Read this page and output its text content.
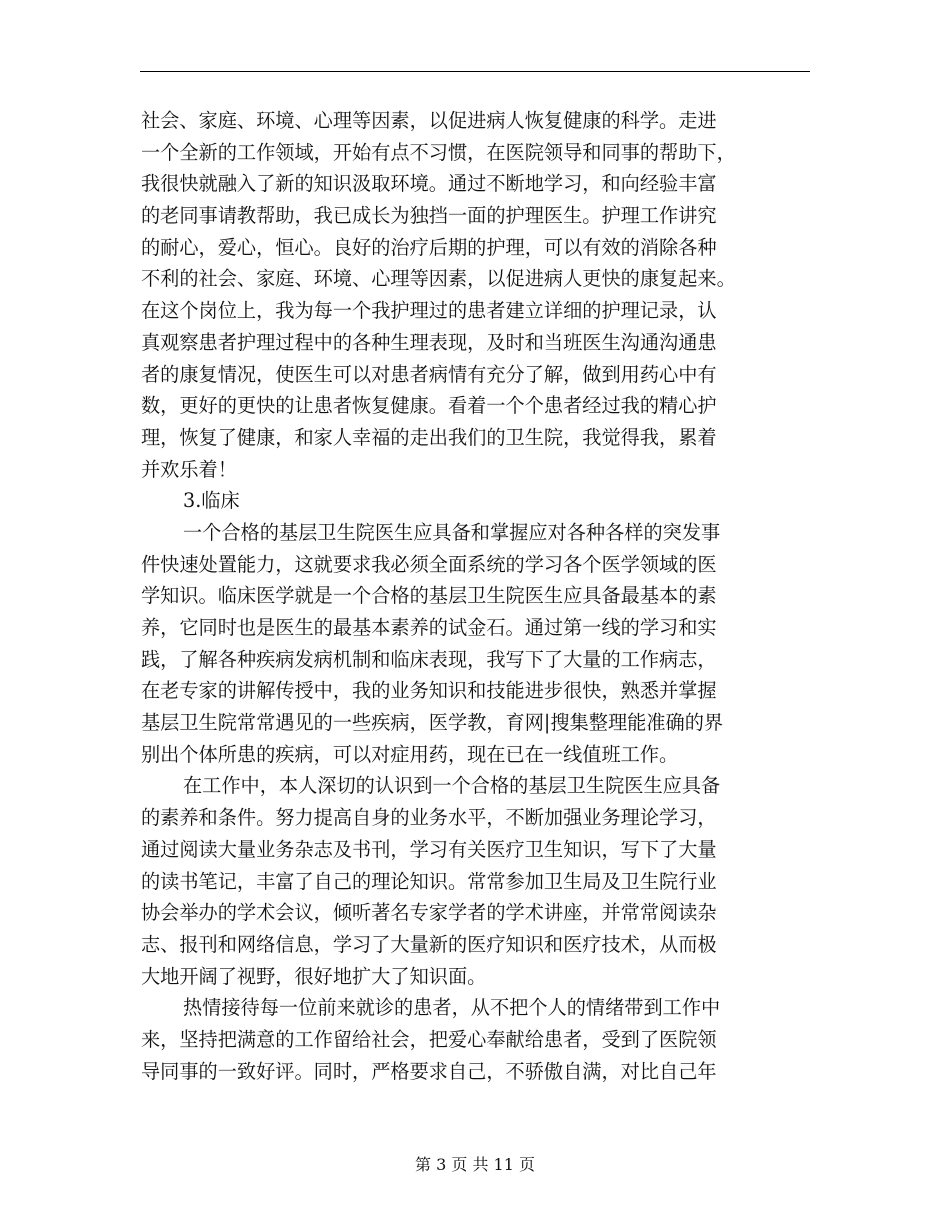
社会、家庭、环境、心理等因素，以促进病人恢复健康的科学。走进
一个全新的工作领域，开始有点不习惯，在医院领导和同事的帮助下，
我很快就融入了新的知识汲取环境。通过不断地学习，和向经验丰富
的老同事请教帮助，我已成长为独挡一面的护理医生。护理工作讲究
的耐心，爱心，恒心。良好的治疗后期的护理，可以有效的消除各种
不利的社会、家庭、环境、心理等因素，以促进病人更快的康复起来。
在这个岗位上，我为每一个我护理过的患者建立详细的护理记录，认
真观察患者护理过程中的各种生理表现，及时和当班医生沟通沟通患
者的康复情况，使医生可以对患者病情有充分了解，做到用药心中有
数，更好的更快的让患者恢复健康。看着一个个患者经过我的精心护
理，恢复了健康，和家人幸福的走出我们的卫生院，我觉得我，累着
并欢乐着！
3.临床
一个合格的基层卫生院医生应具备和掌握应对各种各样的突发事
件快速处置能力，这就要求我必须全面系统的学习各个医学领域的医
学知识。临床医学就是一个合格的基层卫生院医生应具备最基本的素
养，它同时也是医生的最基本素养的试金石。通过第一线的学习和实
践，了解各种疾病发病机制和临床表现，我写下了大量的工作病志，
在老专家的讲解传授中，我的业务知识和技能进步很快，熟悉并掌握
基层卫生院常常遇见的一些疾病，医学教，育网|搜集整理能准确的界
别出个体所患的疾病，可以对症用药，现在已在一线值班工作。
在工作中，本人深切的认识到一个合格的基层卫生院医生应具备
的素养和条件。努力提高自身的业务水平，不断加强业务理论学习，
通过阅读大量业务杂志及书刊，学习有关医疗卫生知识，写下了大量
的读书笔记，丰富了自己的理论知识。常常参加卫生局及卫生院行业
协会举办的学术会议，倾听著名专家学者的学术讲座，并常常阅读杂
志、报刊和网络信息，学习了大量新的医疗知识和医疗技术，从而极
大地开阔了视野，很好地扩大了知识面。
热情接待每一位前来就诊的患者，从不把个人的情绪带到工作中
来，坚持把满意的工作留给社会，把爱心奉献给患者，受到了医院领
导同事的一致好评。同时，严格要求自己，不骄傲自满，对比自己年
第 3 页 共 11 页
